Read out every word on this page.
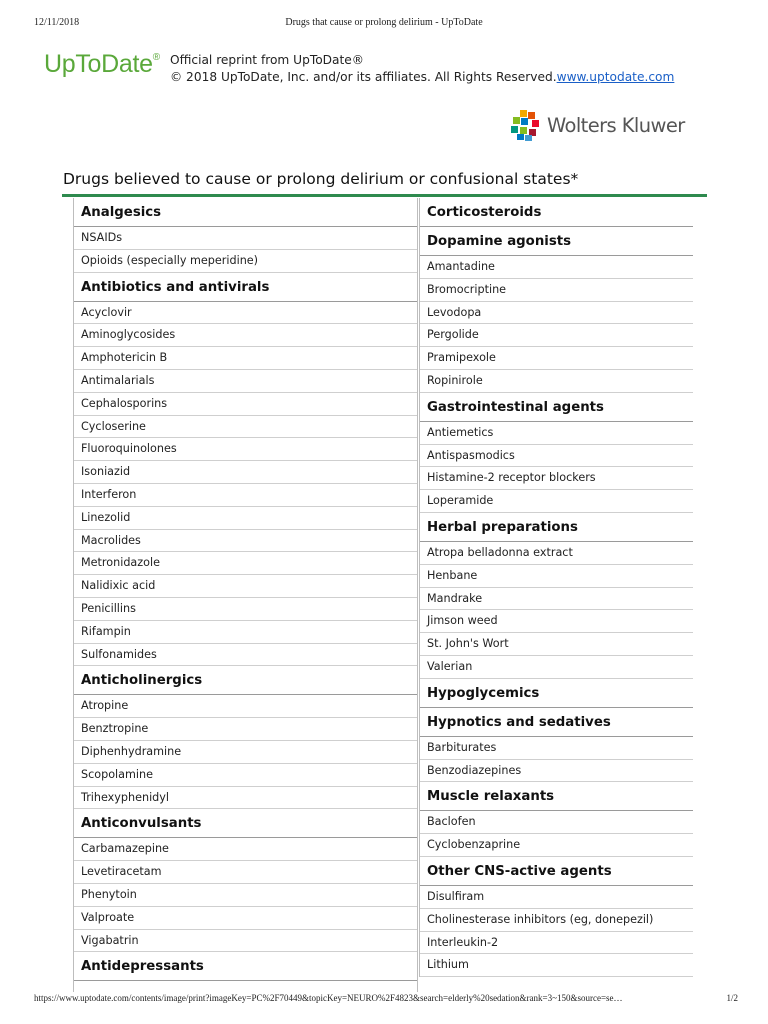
12/11/2018	Drugs that cause or prolong delirium - UpToDate
UpToDate® Official reprint from UpToDate®
© 2018 UpToDate, Inc. and/or its affiliates. All Rights Reserved.www.uptodate.com
Wolters Kluwer
Drugs believed to cause or prolong delirium or confusional states*
Analgesics
NSAIDs
Opioids (especially meperidine)
Antibiotics and antivirals
Acyclovir
Aminoglycosides
Amphotericin B
Antimalarials
Cephalosporins
Cycloserine
Fluoroquinolones
Isoniazid
Interferon
Linezolid
Macrolides
Metronidazole
Nalidixic acid
Penicillins
Rifampin
Sulfonamides
Anticholinergics
Atropine
Benztropine
Diphenhydramine
Scopolamine
Trihexyphenidyl
Anticonvulsants
Carbamazepine
Levetiracetam
Phenytoin
Valproate
Vigabatrin
Antidepressants
Corticosteroids
Dopamine agonists
Amantadine
Bromocriptine
Levodopa
Pergolide
Pramipexole
Ropinirole
Gastrointestinal agents
Antiemetics
Antispasmodics
Histamine-2 receptor blockers
Loperamide
Herbal preparations
Atropa belladonna extract
Henbane
Mandrake
Jimson weed
St. John's Wort
Valerian
Hypoglycemics
Hypnotics and sedatives
Barbiturates
Benzodiazepines
Muscle relaxants
Baclofen
Cyclobenzaprine
Other CNS-active agents
Disulfiram
Cholinesterase inhibitors (eg, donepezil)
Interleukin-2
Lithium
https://www.uptodate.com/contents/image/print?imageKey=PC%2F70449&topicKey=NEURO%2F4823&search=elderly%20sedation&rank=3~150&source=se…	1/2
